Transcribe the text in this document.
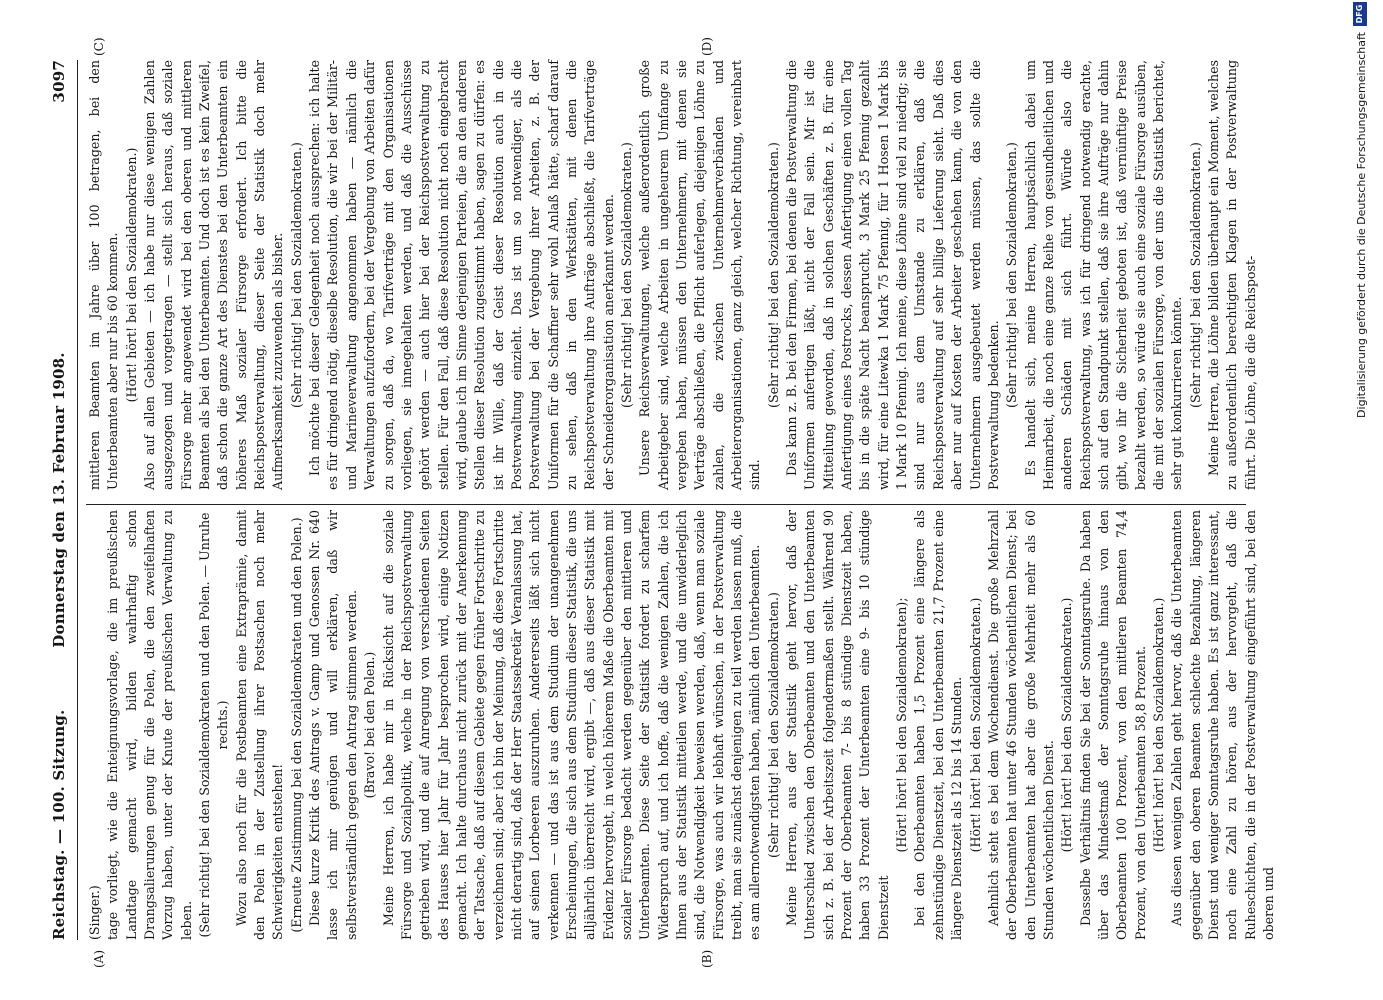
Reichstag. — 100. Sitzung.
Donnerstag den 13. Februar 1908.
3097
(A)	(B)
(C)	(D)

(Singer.) tage vorliegt, wie die Enteignungsvorlage, die im preußischen Landtage gemacht wird, bilden wahrhaftig schon Drangsalierungen genug für die Polen, die den zweifelhaften Vorzug haben, unter der Knute der preußischen Verwaltung zu leben. (Sehr richtig! bei den Sozialdemokraten und den Polen. — Unruhe rechts.) Wozu also noch für die Postbeamten eine Extraprämie, damit den Polen in der Zustellung ihrer Postsachen noch mehr Schwierigkeiten entstehen! (Erneute Zustimmung bei den Sozialdemokraten und den Polen.) Diese kurze Kritik des Antrags v. Gamp und Genossen Nr. 640 lasse ich mir genügen und will erklären, daß wir selbstverständlich gegen den Antrag stimmen werden. (Bravo! bei den Polen.) Meine Herren, ich habe mir in Rücksicht auf die soziale Fürsorge und Sozialpolitik, welche in der Reichspostverwaltung getrieben wird, und die auf Anregung von verschiedenen Seiten des Hauses hier Jahr für Jahr besprochen wird, einige Notizen gemacht. Ich halte durchaus nicht zurück mit der Anerkennung der Tatsache, daß auf diesem Gebiete gegen früher Fortschritte zu verzeichnen sind; aber ich bin der Meinung, daß diese Fortschritte nicht derartig sind, daß der Herr Staatssekretär Veranlassung hat, auf seinen Lorbeeren auszuruhen. Andererseits läßt sich nicht verkennen — und das ist aus dem Studium der unangenehmen Erscheinungen, die sich aus dem Studium dieser Statistik, die uns alljährlich überreicht wird, ergibt —, daß aus dieser Statistik mit Evidenz hervorgeht, in welch höherem Maße die Oberbeamten mit sozialer Fürsorge bedacht werden gegenüber den mittleren und Unterbeamten. Diese Seite der Statistik fordert zu scharfem Widerspruch auf, und ich hoffe, daß die wenigen Zahlen, die ich Ihnen aus der Statistik mitteilen werde, und die unwiderleglich sind, die Notwendigkeit beweisen werden, daß, wenn man soziale Fürsorge, was auch wir lebhaft wünschen, in der Postverwaltung treibt, man sie zunächst denjenigen zu teil werden lassen muß, die es am allernotwendigsten haben, nämlich den Unterbeamten. (Sehr richtig! bei den Sozialdemokraten.) Meine Herren, aus der Statistik geht hervor, daß der Unterschied zwischen den Oberbeamten und den Unterbeamten sich z. B. bei der Arbeitszeit folgendermaßen stellt. Während 90 Prozent der Oberbeamten 7- bis 8 stündige Dienstzeit haben, haben 33 Prozent der Unterbeamten eine 9- bis 10 stündige Dienstzeit

(Hört! hört! bei den Sozialdemokraten); bei den Oberbeamten haben 1,5 Prozent eine längere als zehnstündige Dienstzeit, bei den Unterbeamten 21,7 Prozent eine längere Dienstzeit als 12 bis 14 Stunden. (Hört! hört! bei den Sozialdemokraten.) Aehnlich steht es bei dem Wochendienst. Die große Mehrzahl der Oberbeamten hat unter 46 Stunden wöchentlichen Dienst; bei den Unterbeamten hat aber die große Mehrheit mehr als 60 Stunden wöchentlichen Dienst. (Hört! hört! bei den Sozialdemokraten.) Dasselbe Verhältnis finden Sie bei der Sonntagsruhe. Da haben über das Mindestmaß der Sonntagsruhe hinaus von den Oberbeamten 100 Prozent, von den mittleren Beamten 74,4 Prozent, von den Unterbeamten 58,8 Prozent. (Hört! hört! bei den Sozialdemokraten.) Aus diesen wenigen Zahlen geht hervor, daß die Unterbeamten gegenüber den oberen Beamten schlechte Bezahlung, längeren Dienst und weniger Sonntagsruhe haben. Es ist ganz interessant, noch eine Zahl zu hören, aus der hervorgeht, daß die Ruheschichten, die in der Postverwaltung eingeführt sind, bei den oberen und

mittleren Beamten im Jahre über 100 betragen, bei den Unterbeamten aber nur bis 60 kommen. (Hört! hört! bei den Sozialdemokraten.) Also auf allen Gebieten — ich habe nur diese wenigen Zahlen ausgezogen und vorgetragen — stellt sich heraus, daß soziale Fürsorge mehr angewendet wird bei den oberen und mittleren Beamten als bei den Unterbeamten. Und doch ist es kein Zweifel, daß schon die ganze Art des Dienstes bei den Unterbeamten ein höheres Maß sozialer Fürsorge erfordert. Ich bitte die Reichspostverwaltung, dieser Seite der Statistik doch mehr Aufmerksamkeit zuzuwenden als bisher. (Sehr richtig! bei den Sozialdemokraten.) Ich möchte bei dieser Gelegenheit noch aussprechen: ich halte es für dringend nötig, dieselbe Resolution, die wir bei der Militär- und Marineverwaltung angenommen haben — nämlich die Verwaltungen aufzufordern, bei der Vergebung von Arbeiten dafür zu sorgen, daß da, wo Tarifverträge mit den Organisationen vorliegen, sie innegehalten werden, und daß die Ausschüsse gehört werden — auch hier bei der Reichspostverwaltung zu stellen. Für den Fall, daß diese Resolution nicht noch eingebracht wird, glaube ich im Sinne derjenigen Parteien, die an den anderen Stellen dieser Resolution zugestimmt haben, sagen zu dürfen: es ist ihr Wille, daß der Geist dieser Resolution auch in die Postverwaltung einzieht. Das ist um so notwendiger, als die Postverwaltung bei der Vergebung ihrer Arbeiten, z. B. der Uniformen für die Schaffner sehr wohl Anlaß hätte, scharf darauf zu sehen, daß in den Werkstätten, mit denen die Reichspostverwaltung ihre Aufträge abschließt, die Tarifverträge der Schneiderorganisation anerkannt werden. (Sehr richtig! bei den Sozialdemokraten.) Unsere Reichsverwaltungen, welche außerordentlich große Arbeitgeber sind, welche Arbeiten in ungeheurem Umfange zu vergeben haben, müssen den Unternehmern, mit denen sie Verträge abschließen, die Pflicht auferlegen, diejenigen Löhne zu zahlen, die zwischen Unternehmerverbänden und Arbeiterorganisationen, ganz gleich, welcher Richtung, vereinbart sind.

(Sehr richtig! bei den Sozialdemokraten.) Das kann z. B. bei den Firmen, bei denen die Postverwaltung die Uniformen anfertigen läßt, nicht der Fall sein. Mir ist die Mitteilung geworden, daß in solchen Geschäften z. B. für eine Anfertigung eines Postrocks, dessen Anfertigung einen vollen Tag bis in die späte Nacht beansprucht, 3 Mark 25 Pfennig gezahlt wird, für eine Litewka 1 Mark 75 Pfennig, für 1 Hosen 1 Mark bis 1 Mark 10 Pfennig. Ich meine, diese Löhne sind viel zu niedrig; sie sind nur aus dem Umstande zu erklären, daß die Reichspostverwaltung auf sehr billige Lieferung sieht. Daß dies aber nur auf Kosten der Arbeiter geschehen kann, die von den Unternehmern ausgebeutet werden müssen, das sollte die Postverwaltung bedenken. (Sehr richtig! bei den Sozialdemokraten.) Es handelt sich, meine Herren, hauptsächlich dabei um Heimarbeit, die noch eine ganze Reihe von gesundheitlichen und anderen Schäden mit sich führt. Würde also die Reichspostverwaltung, was ich für dringend notwendig erachte, sich auf den Standpunkt stellen, daß sie ihre Aufträge nur dahin gibt, wo ihr die Sicherheit geboten ist, daß vernünftige Preise bezahlt werden, so würde sie auch eine soziale Fürsorge ausüben, die mit der sozialen Fürsorge, von der uns die Statistik berichtet, sehr gut konkurrieren könnte. (Sehr richtig! bei den Sozialdemokraten.) Meine Herren, die Löhne bilden überhaupt ein Moment, welches zu außerordentlich berechtigten Klagen in der Postverwaltung führt. Die Löhne, die die Reichspost-	Digitalisierung gefördert durch die Deutsche Forschungsgemeinschaft
DFG
